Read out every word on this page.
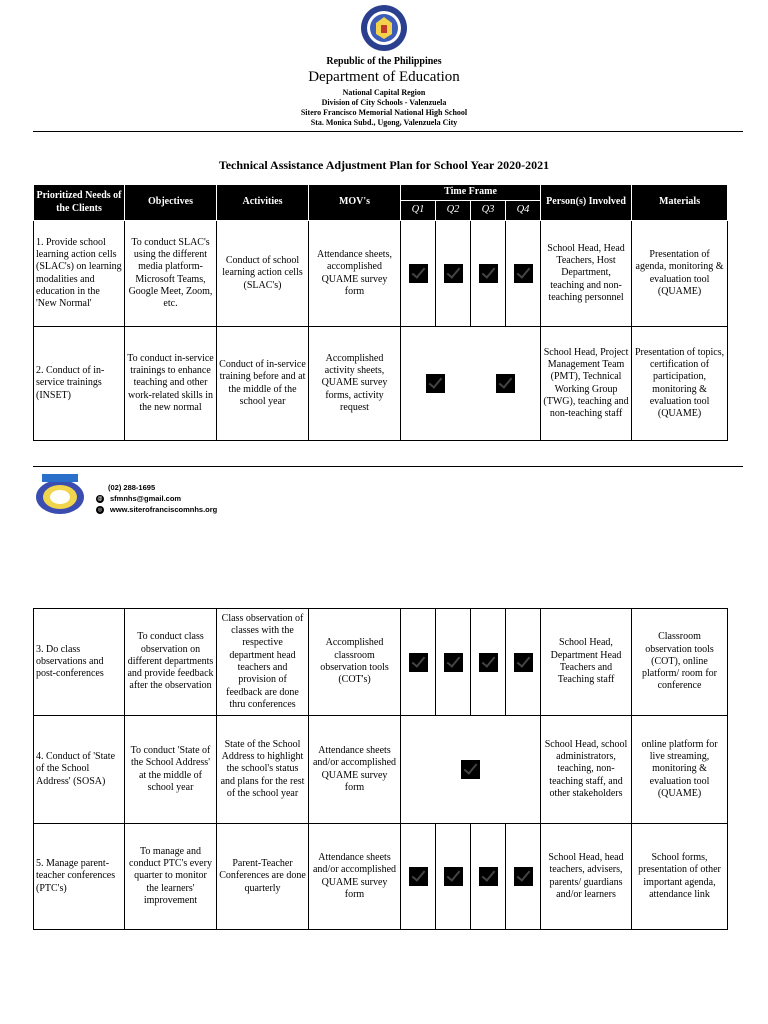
Republic of the Philippines
Department of Education
National Capital Region
Division of City Schools - Valenzuela
Sitero Francisco Memorial National High School
Sta. Monica Subd., Ugong, Valenzuela City
Technical Assistance Adjustment Plan for School Year 2020-2021
Prioritized Needs of the Clients	Objectives	Activities	MOV's	Time Frame				Person(s) Involved	Materials
				Q1	Q2	Q3	Q4		
1. Provide school learning action cells (SLAC's) on learning modalities and education in the 'New Normal'	To conduct SLAC's using the different media platform-Microsoft Teams, Google Meet, Zoom, etc.	Conduct of school learning action cells (SLAC's)	Attendance sheets, accomplished QUAME survey form					School Head, Head Teachers, Host Department, teaching and non-teaching personnel	Presentation of agenda, monitoring & evaluation tool (QUAME)
2. Conduct of in-service trainings (INSET)	To conduct in-service trainings to enhance teaching and other work-related skills in the new normal	Conduct of in-service training before and at the middle of the school year	Accomplished activity sheets, QUAME survey forms, activity request					School Head, Project Management Team (PMT), Technical Working Group (TWG), teaching and non-teaching staff	Presentation of topics, certification of participation, monitoring & evaluation tool (QUAME)
(02) 288-1695
@ sfmnhs@gmail.com
◎ www.siterofranciscomnhs.org
3. Do class observations and post-conferences	To conduct class observation on different departments and provide feedback after the observation	Class observation of classes with the respective department head teachers and provision of feedback are done thru conferences	Accomplished classroom observation tools (COT's)					School Head, Department Head Teachers and Teaching staff	Classroom observation tools (COT), online platform/ room for conference
4. Conduct of 'State of the School Address' (SOSA)	To conduct 'State of the School Address' at the middle of school year	State of the School Address to highlight the school's status and plans for the rest of the school year	Attendance sheets and/or accomplished QUAME survey form					School Head, school administrators, teaching, non-teaching staff, and other stakeholders	online platform for live streaming, monitoring & evaluation tool (QUAME)
5. Manage parent-teacher conferences (PTC's)	To manage and conduct PTC's every quarter to monitor the learners' improvement	Parent-Teacher Conferences are done quarterly	Attendance sheets and/or accomplished QUAME survey form					School Head, head teachers, advisers, parents/ guardians and/or learners	School forms, presentation of other important agenda, attendance link
